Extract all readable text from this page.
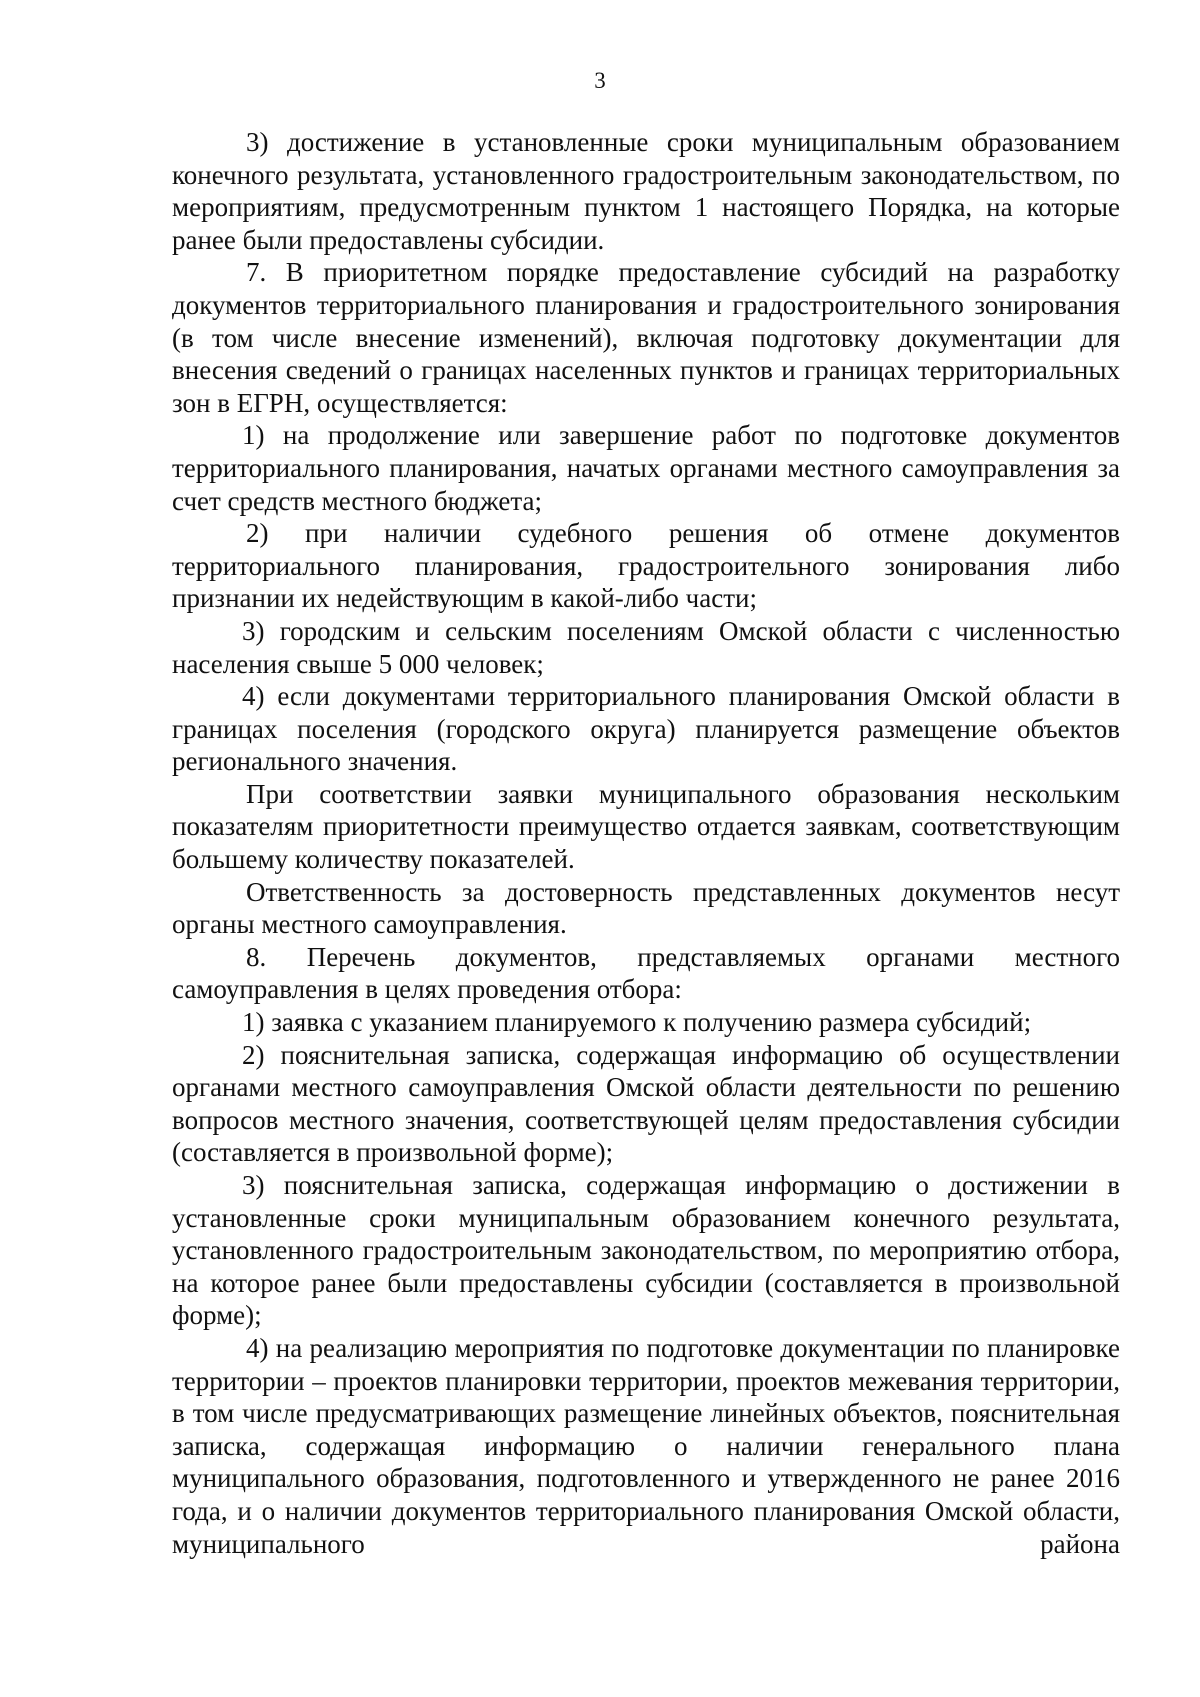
3

3) достижение в установленные сроки муниципальным образованием конечного результата, установленного градостроительным законодательством, по мероприятиям, предусмотренным пунктом 1 настоящего Порядка, на которые ранее были предоставлены субсидии.

7. В приоритетном порядке предоставление субсидий на разработку документов территориального планирования и градостроительного зонирования (в том числе внесение изменений), включая подготовку документации для внесения сведений о границах населенных пунктов и границах территориальных зон в ЕГРН, осуществляется:

1) на продолжение или завершение работ по подготовке документов территориального планирования, начатых органами местного самоуправления за счет средств местного бюджета;

2) при наличии судебного решения об отмене документов территориального планирования, градостроительного зонирования либо признании их недействующим в какой-либо части;

3) городским и сельским поселениям Омской области с численностью населения свыше 5 000 человек;

4) если документами территориального планирования Омской области в границах поселения (городского округа) планируется размещение объектов регионального значения.

При соответствии заявки муниципального образования нескольким показателям приоритетности преимущество отдается заявкам, соответствующим большему количеству показателей.

Ответственность за достоверность представленных документов несут органы местного самоуправления.

8. Перечень документов, представляемых органами местного самоуправления в целях проведения отбора:

1) заявка с указанием планируемого к получению размера субсидий;

2) пояснительная записка, содержащая информацию об осуществлении органами местного самоуправления Омской области деятельности по решению вопросов местного значения, соответствующей целям предоставления субсидии (составляется в произвольной форме);

3) пояснительная записка, содержащая информацию о достижении в установленные сроки муниципальным образованием конечного результата, установленного градостроительным законодательством, по мероприятию отбора, на которое ранее были предоставлены субсидии (составляется в произвольной форме);

4) на реализацию мероприятия по подготовке документации по планировке территории – проектов планировки территории, проектов межевания территории, в том числе предусматривающих размещение линейных объектов, пояснительная записка, содержащая информацию о наличии генерального плана муниципального образования, подготовленного и утвержденного не ранее 2016 года, и о наличии документов территориального планирования Омской области, муниципального района
